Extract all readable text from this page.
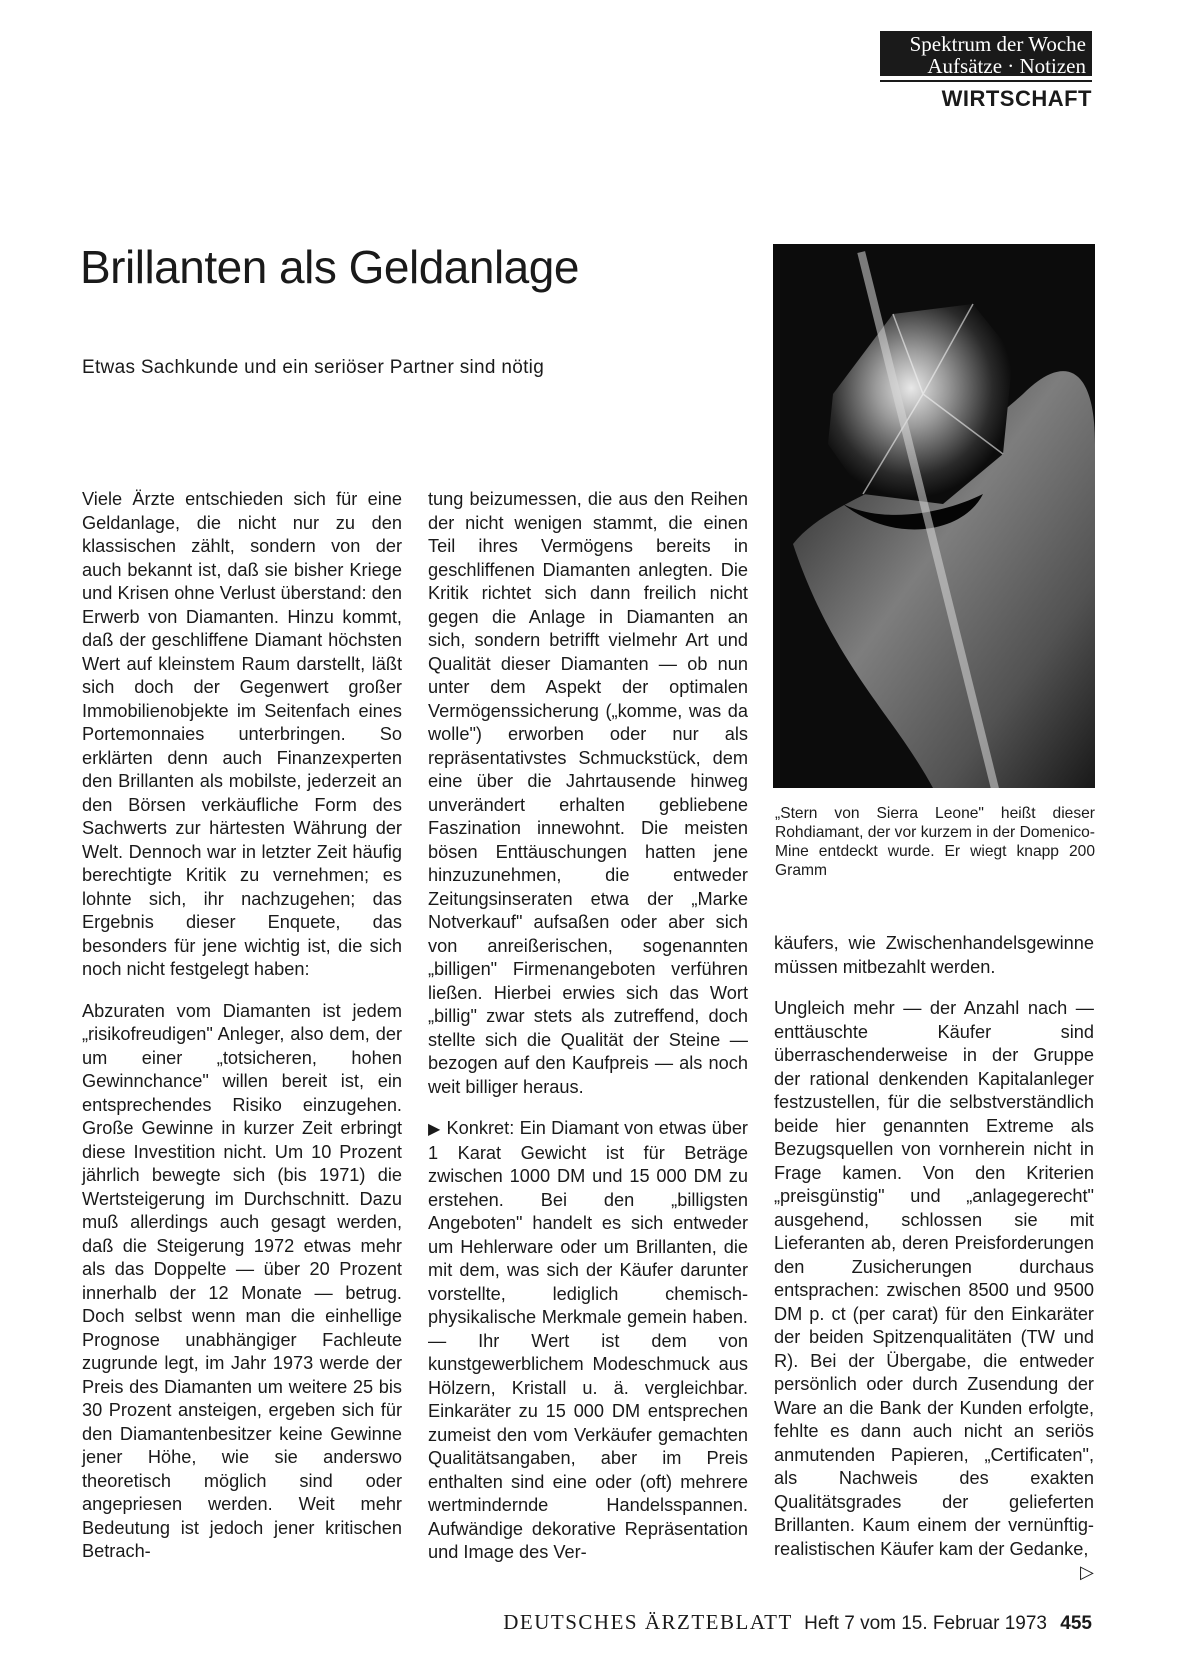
Spektrum der Woche
Aufsätze · Notizen
WIRTSCHAFT
Brillanten als Geldanlage
Etwas Sachkunde und ein seriöser Partner sind nötig
„Stern von Sierra Leone" heißt dieser Rohdiamant, der vor kurzem in der Domenico-Mine entdeckt wurde. Er wiegt knapp 200 Gramm

Viele Ärzte entschieden sich für eine Geldanlage, die nicht nur zu den klassischen zählt, sondern von der auch bekannt ist, daß sie bisher Kriege und Krisen ohne Verlust überstand: den Erwerb von Diamanten. Hinzu kommt, daß der geschliffene Diamant höchsten Wert auf kleinstem Raum darstellt, läßt sich doch der Gegenwert großer Immobilienobjekte im Seitenfach eines Portemonnaies unterbringen. So erklärten denn auch Finanzexperten den Brillanten als mobilste, jederzeit an den Börsen verkäufliche Form des Sachwerts zur härtesten Währung der Welt. Dennoch war in letzter Zeit häufig berechtigte Kritik zu vernehmen; es lohnte sich, ihr nachzugehen; das Ergebnis dieser Enquete, das besonders für jene wichtig ist, die sich noch nicht festgelegt haben:

Abzuraten vom Diamanten ist jedem „risikofreudigen" Anleger, also dem, der um einer „totsicheren, hohen Gewinnchance" willen bereit ist, ein entsprechendes Risiko einzugehen. Große Gewinne in kurzer Zeit erbringt diese Investition nicht. Um 10 Prozent jährlich bewegte sich (bis 1971) die Wertsteigerung im Durchschnitt. Dazu muß allerdings auch gesagt werden, daß die Steigerung 1972 etwas mehr als das Doppelte — über 20 Prozent innerhalb der 12 Monate — betrug. Doch selbst wenn man die einhellige Prognose unabhängiger Fachleute zugrunde legt, im Jahr 1973 werde der Preis des Diamanten um weitere 25 bis 30 Prozent ansteigen, ergeben sich für den Diamantenbesitzer keine Gewinne jener Höhe, wie sie anderswo theoretisch möglich sind oder angepriesen werden. Weit mehr Bedeutung ist jedoch jener kritischen Betrach-

tung beizumessen, die aus den Reihen der nicht wenigen stammt, die einen Teil ihres Vermögens bereits in geschliffenen Diamanten anlegten. Die Kritik richtet sich dann freilich nicht gegen die Anlage in Diamanten an sich, sondern betrifft vielmehr Art und Qualität dieser Diamanten — ob nun unter dem Aspekt der optimalen Vermögenssicherung („komme, was da wolle") erworben oder nur als repräsentativstes Schmuckstück, dem eine über die Jahrtausende hinweg unverändert erhalten gebliebene Faszination innewohnt. Die meisten bösen Enttäuschungen hatten jene hinzuzunehmen, die entweder Zeitungsinseraten etwa der „Marke Notverkauf" aufsaßen oder aber sich von anreißerischen, sogenannten „billigen" Firmenangeboten verführen ließen. Hierbei erwies sich das Wort „billig" zwar stets als zutreffend, doch stellte sich die Qualität der Steine — bezogen auf den Kaufpreis — als noch weit billiger heraus.

▶ Konkret: Ein Diamant von etwas über 1 Karat Gewicht ist für Beträge zwischen 1000 DM und 15 000 DM zu erstehen. Bei den „billigsten Angeboten" handelt es sich entweder um Hehlerware oder um Brillanten, die mit dem, was sich der Käufer darunter vorstellte, lediglich chemisch-physikalische Merkmale gemein haben. — Ihr Wert ist dem von kunstgewerblichem Modeschmuck aus Hölzern, Kristall u. ä. vergleichbar. Einkaräter zu 15 000 DM entsprechen zumeist den vom Verkäufer gemachten Qualitätsangaben, aber im Preis enthalten sind eine oder (oft) mehrere wertmindernde Handelsspannen. Aufwändige dekorative Repräsentation und Image des Ver-

käufers, wie Zwischenhandelsgewinne müssen mitbezahlt werden.

Ungleich mehr — der Anzahl nach — enttäuschte Käufer sind überraschenderweise in der Gruppe der rational denkenden Kapitalanleger festzustellen, für die selbstverständlich beide hier genannten Extreme als Bezugsquellen von vornherein nicht in Frage kamen. Von den Kriterien „preisgünstig" und „anlagegerecht" ausgehend, schlossen sie mit Lieferanten ab, deren Preisforderungen den Zusicherungen durchaus entsprachen: zwischen 8500 und 9500 DM p. ct (per carat) für den Einkaräter der beiden Spitzenqualitäten (TW und R). Bei der Übergabe, die entweder persönlich oder durch Zusendung der Ware an die Bank der Kunden erfolgte, fehlte es dann auch nicht an seriös anmutenden Papieren, „Certificaten", als Nachweis des exakten Qualitätsgrades der gelieferten Brillanten. Kaum einem der vernünftig-realistischen Käufer kam der Gedanke,
▷

DEUTSCHES ÄRZTEBLATT Heft 7 vom 15. Februar 1973 455
